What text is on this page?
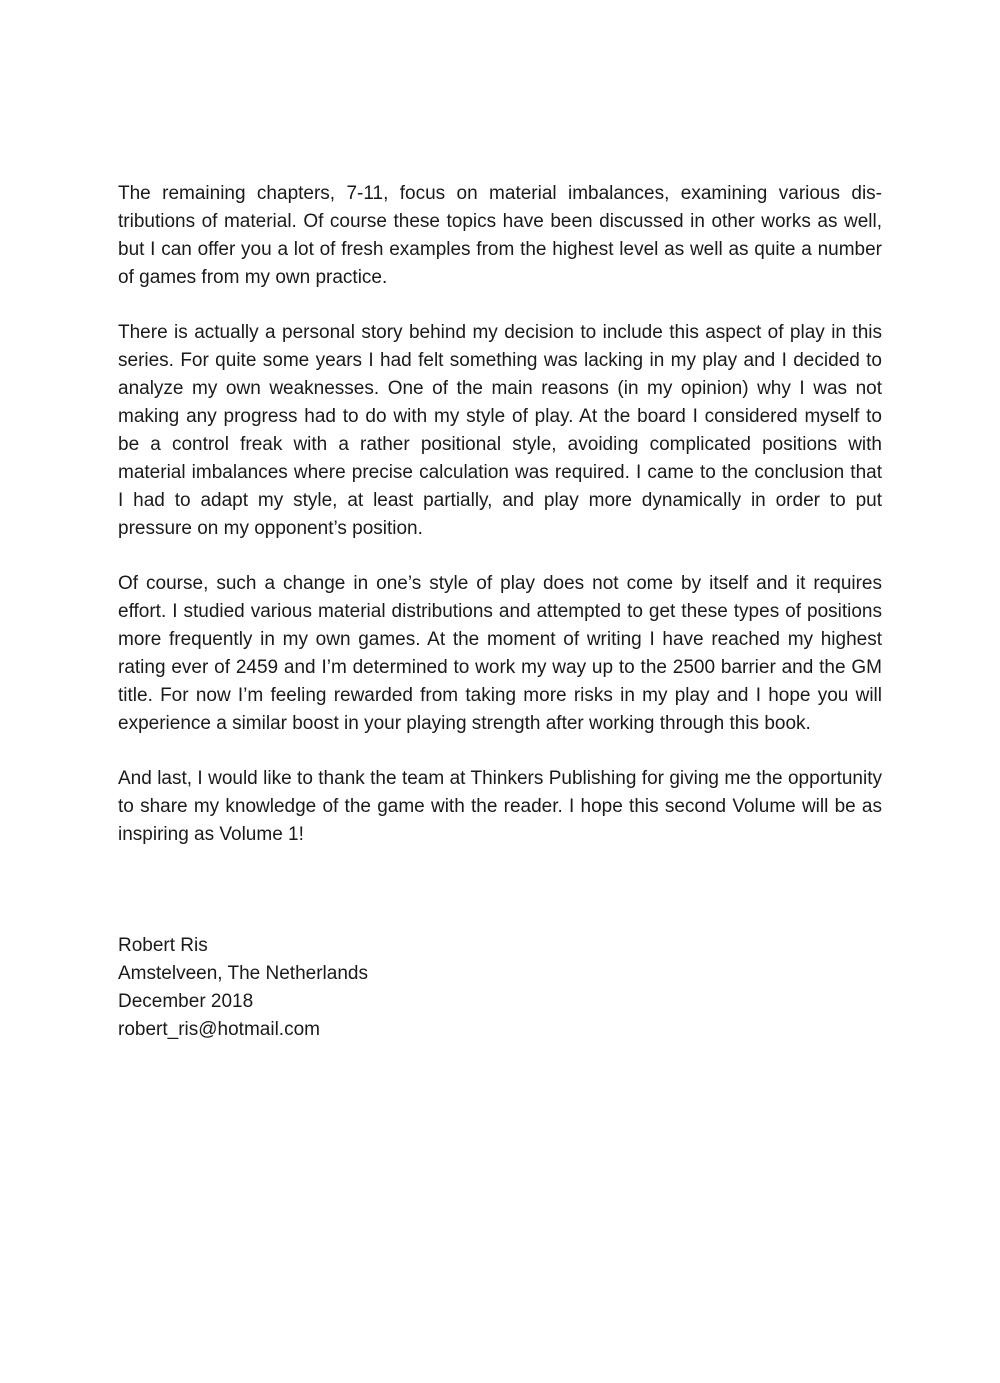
The remaining chapters, 7-11, focus on material imbalances, examining various distributions of material. Of course these topics have been discussed in other works as well, but I can offer you a lot of fresh examples from the highest level as well as quite a number of games from my own practice.

There is actually a personal story behind my decision to include this aspect of play in this series. For quite some years I had felt something was lacking in my play and I decided to analyze my own weaknesses. One of the main reasons (in my opinion) why I was not making any progress had to do with my style of play. At the board I considered myself to be a control freak with a rather positional style, avoiding complicated positions with material imbalances where precise calculation was required. I came to the conclusion that I had to adapt my style, at least partially, and play more dynamically in order to put pressure on my opponent’s position.

Of course, such a change in one’s style of play does not come by itself and it requires effort. I studied various material distributions and attempted to get these types of positions more frequently in my own games. At the moment of writing I have reached my highest rating ever of 2459 and I’m determined to work my way up to the 2500 barrier and the GM title. For now I’m feeling rewarded from taking more risks in my play and I hope you will experience a similar boost in your playing strength after working through this book.

And last, I would like to thank the team at Thinkers Publishing for giving me the opportunity to share my knowledge of the game with the reader. I hope this second Volume will be as inspiring as Volume 1!

Robert Ris
Amstelveen, The Netherlands
December 2018
robert_ris@hotmail.com
